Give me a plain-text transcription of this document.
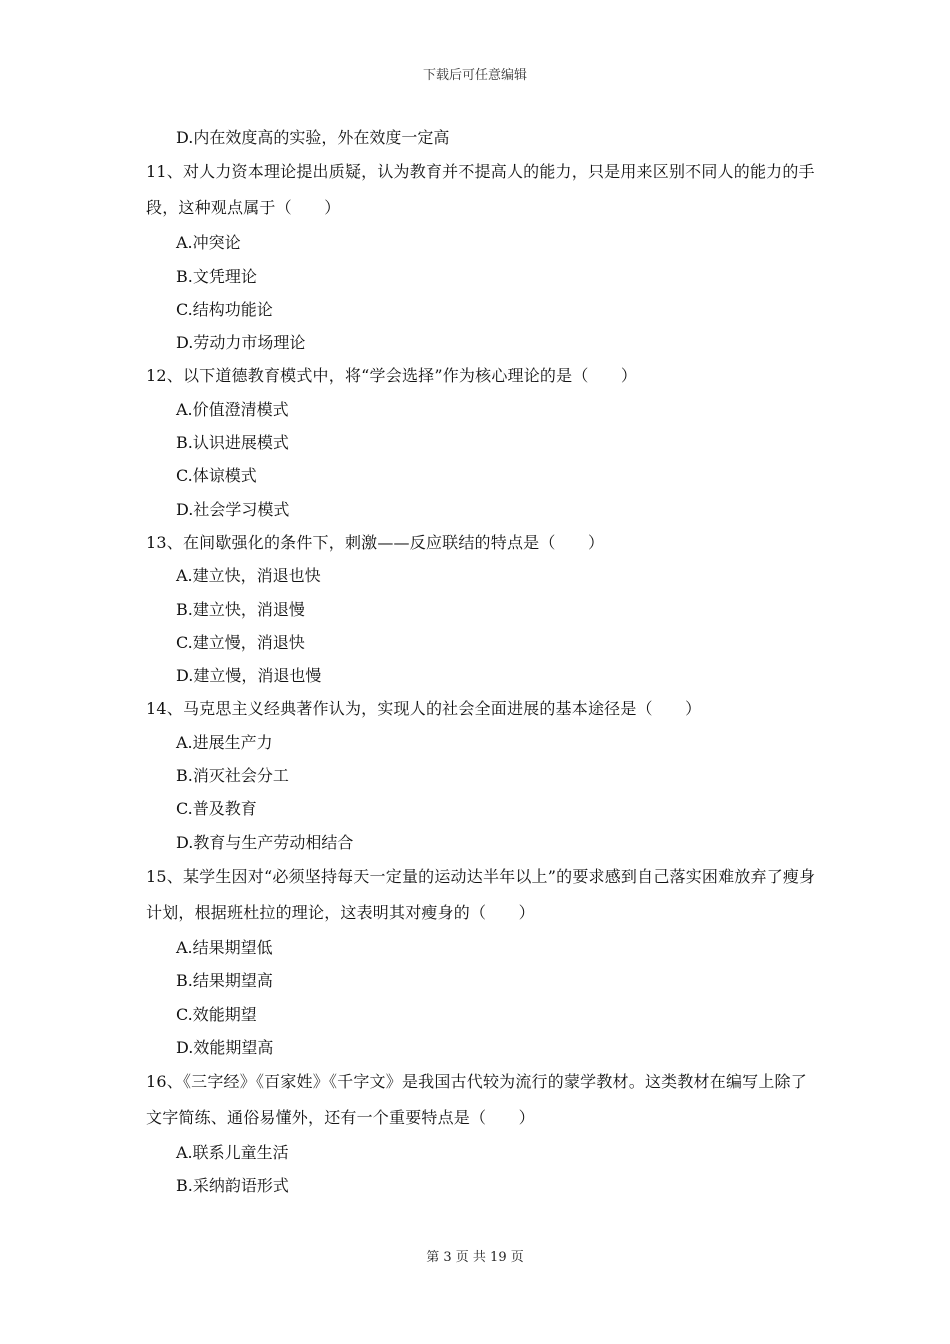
下载后可任意编辑
D.内在效度高的实验，外在效度一定高
11、对人力资本理论提出质疑，认为教育并不提高人的能力，只是用来区别不同人的能力的手段，这种观点属于（　　）
A.冲突论
B.文凭理论
C.结构功能论
D.劳动力市场理论
12、以下道德教育模式中，将“学会选择”作为核心理论的是（　　）
A.价值澄清模式
B.认识进展模式
C.体谅模式
D.社会学习模式
13、在间歇强化的条件下，刺激——反应联结的特点是（　　）
A.建立快，消退也快
B.建立快，消退慢
C.建立慢，消退快
D.建立慢，消退也慢
14、马克思主义经典著作认为，实现人的社会全面进展的基本途径是（　　）
A.进展生产力
B.消灭社会分工
C.普及教育
D.教育与生产劳动相结合
15、某学生因对“必须坚持每天一定量的运动达半年以上”的要求感到自己落实困难放弃了瘦身计划，根据班杜拉的理论，这表明其对瘦身的（　　）
A.结果期望低
B.结果期望高
C.效能期望
D.效能期望高
16、《三字经》《百家姓》《千字文》是我国古代较为流行的蒙学教材。这类教材在编写上除了文字简练、通俗易懂外，还有一个重要特点是（　　）
A.联系儿童生活
B.采纳韵语形式
第 3 页 共 19 页
